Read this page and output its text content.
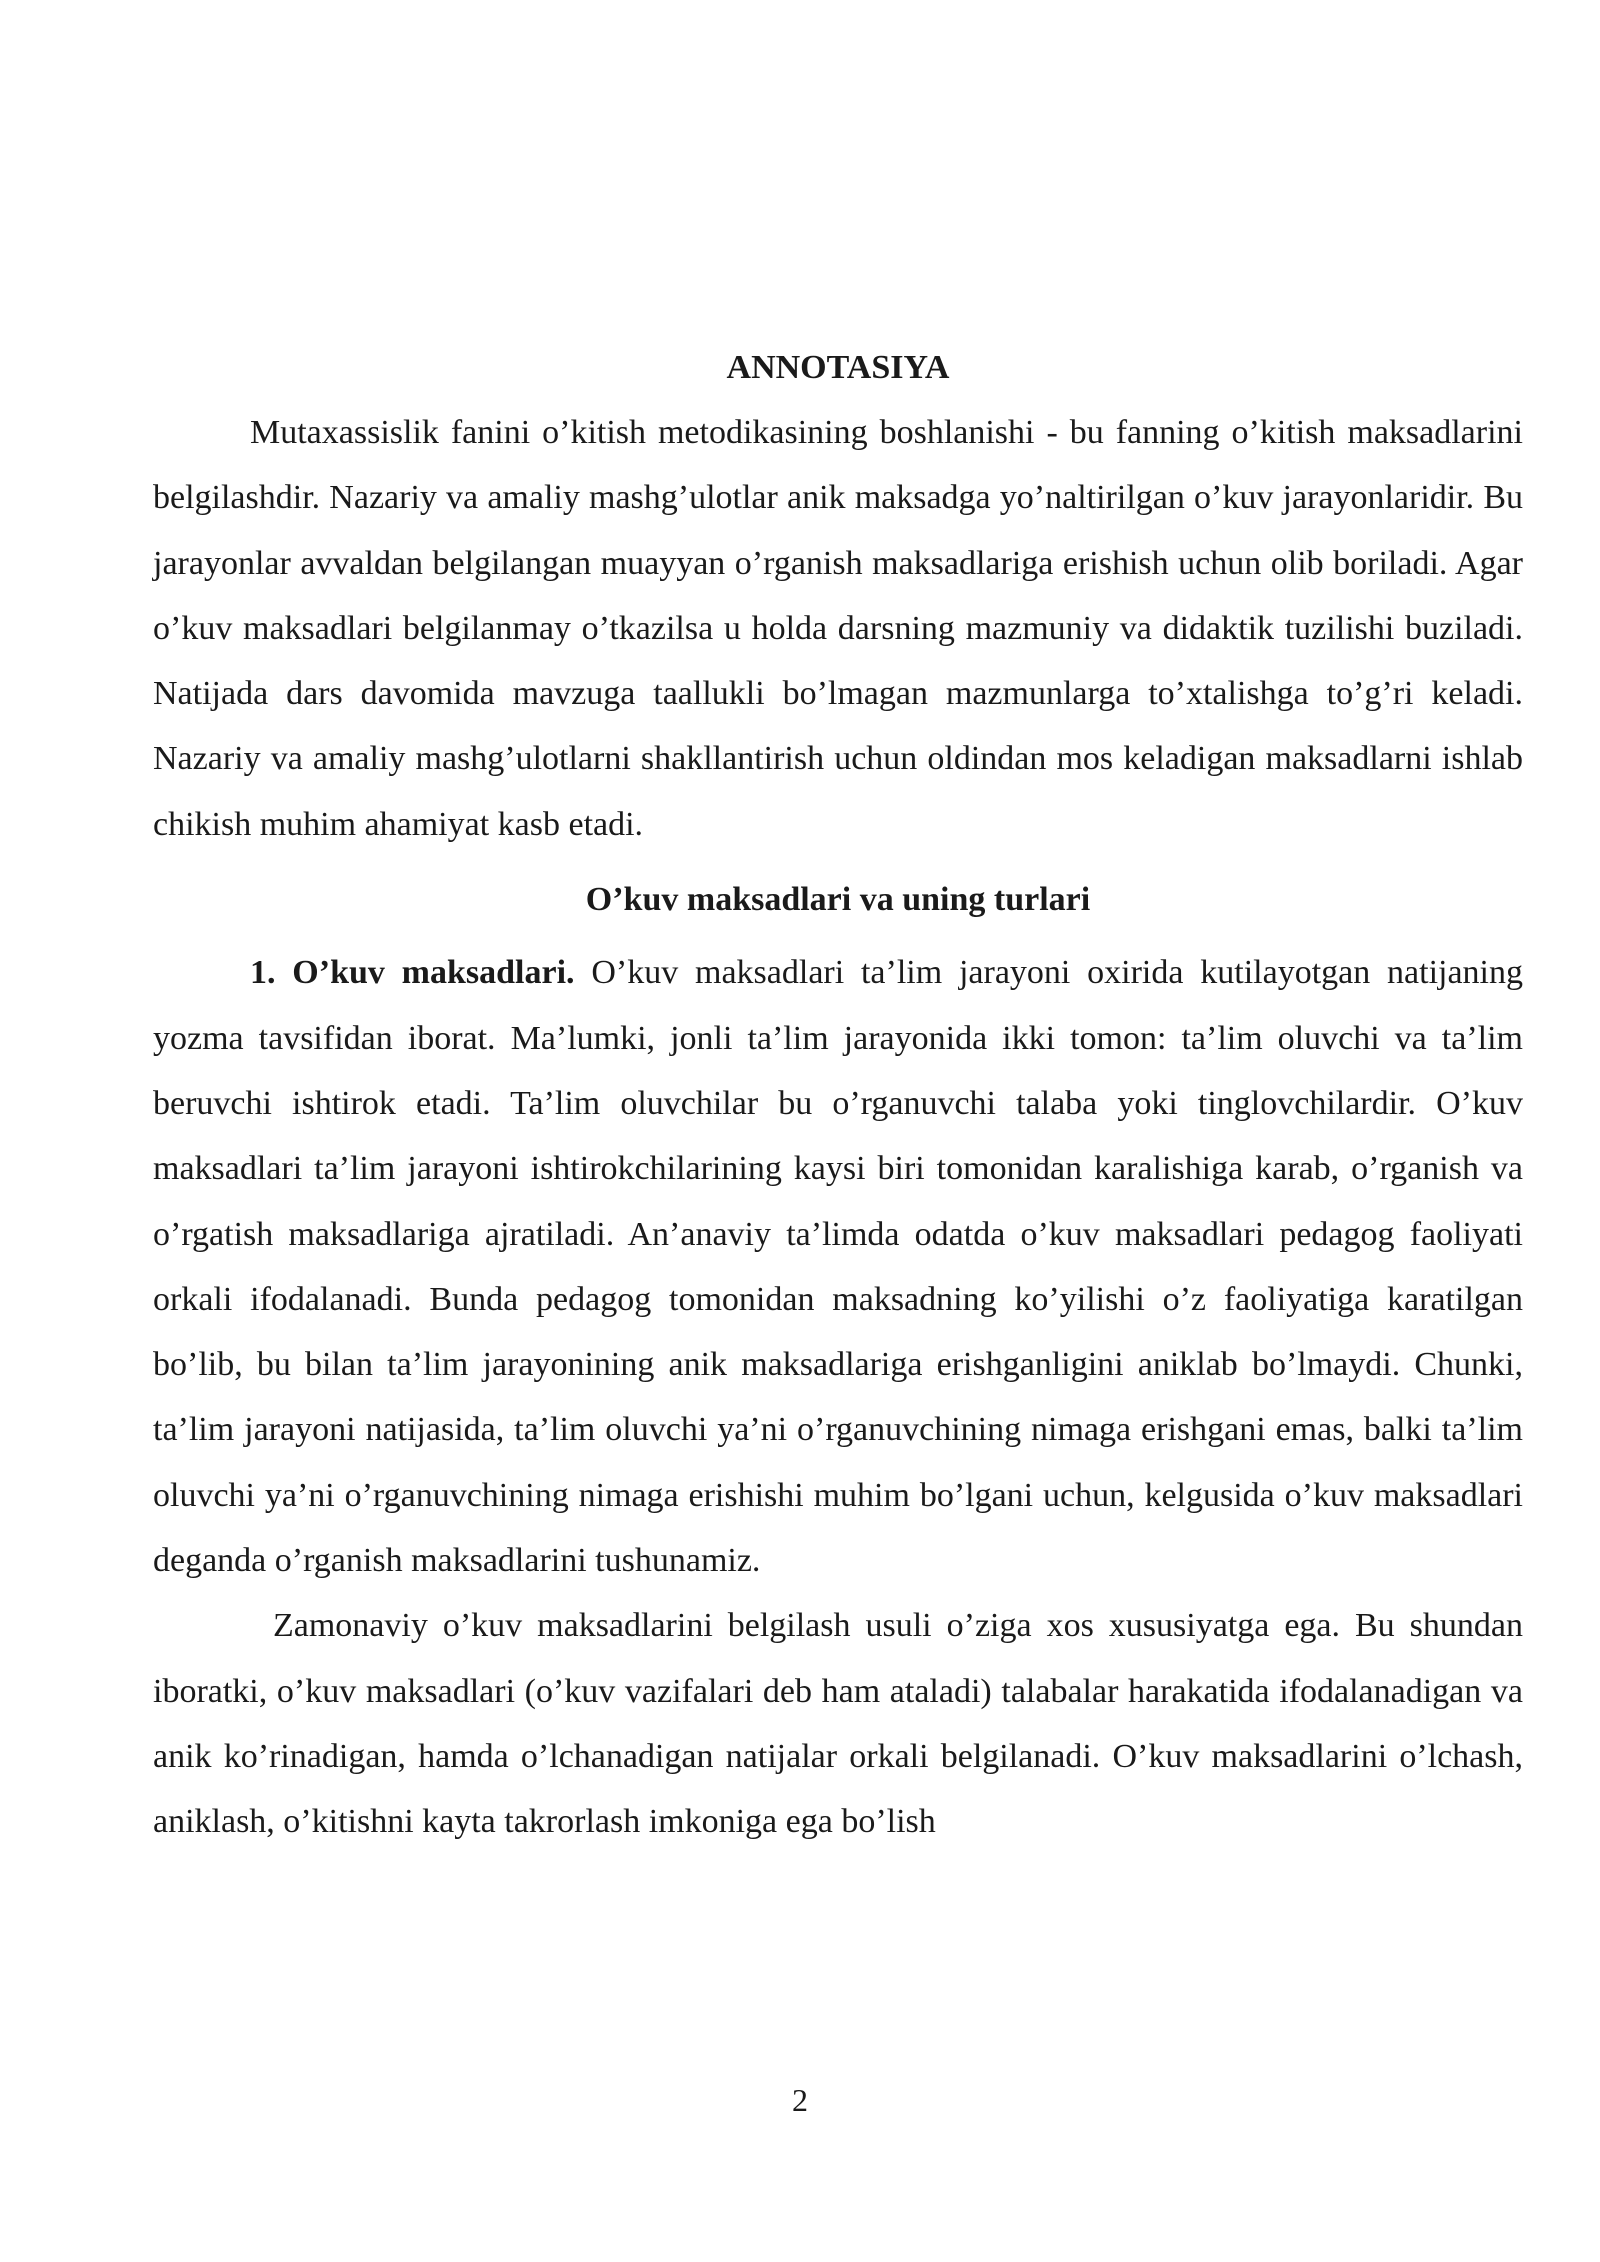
ANNOTASIYA

Mutaxassislik fanini o’kitish metodikasining boshlanishi - bu fanning o’kitish maksadlarini belgilashdir. Nazariy va amaliy mashg’ulotlar anik maksadga yo’naltirilgan o’kuv jarayonlaridir. Bu jarayonlar avvaldan belgilangan muayyan o’rganish maksadlariga erishish uchun olib boriladi. Agar o’kuv maksadlari belgilanmay o’tkazilsa u holda darsning mazmuniy va didaktik tuzilishi buziladi. Natijada dars davomida mavzuga taallukli bo’lmagan mazmunlarga to’xtalishga to’g’ri keladi. Nazariy va amaliy mashg’ulotlarni shakllantirish uchun oldindan mos keladigan maksadlarni ishlab chikish muhim ahamiyat kasb etadi.

O’kuv maksadlari va uning turlari

1. O’kuv maksadlari. O’kuv maksadlari ta’lim jarayoni oxirida kutilayotgan natijaning yozma tavsifidan iborat. Ma’lumki, jonli ta’lim jarayonida ikki tomon: ta’lim oluvchi va ta’lim beruvchi ishtirok etadi. Ta’lim oluvchilar bu o’rganuvchi talaba yoki tinglovchilardir. O’kuv maksadlari ta’lim jarayoni ishtirokchilarining kaysi biri tomonidan karalishiga karab, o’rganish va o’rgatish maksadlariga ajratiladi. An’anaviy ta’limda odatda o’kuv maksadlari pedagog faoliyati orkali ifodalanadi. Bunda pedagog tomonidan maksadning ko’yilishi o’z faoliyatiga karatilgan bo’lib, bu bilan ta’lim jarayonining anik maksadlariga erishganligini aniklab bo’lmaydi. Chunki, ta’lim jarayoni natijasida, ta’lim oluvchi ya’ni o’rganuvchining nimaga erishgani emas, balki ta’lim oluvchi ya’ni o’rganuvchining nimaga erishishi muhim bo’lgani uchun, kelgusida o’kuv maksadlari deganda o’rganish maksadlarini tushunamiz.

Zamonaviy o’kuv maksadlarini belgilash usuli o’ziga xos xususiyatga ega. Bu shundan iboratki, o’kuv maksadlari (o’kuv vazifalari deb ham ataladi) talabalar harakatida ifodalanadigan va anik ko’rinadigan, hamda o’lchanadigan natijalar orkali belgilanadi. O’kuv maksadlarini o’lchash, aniklash, o’kitishni kayta takrorlash imkoniga ega bo’lish

2
